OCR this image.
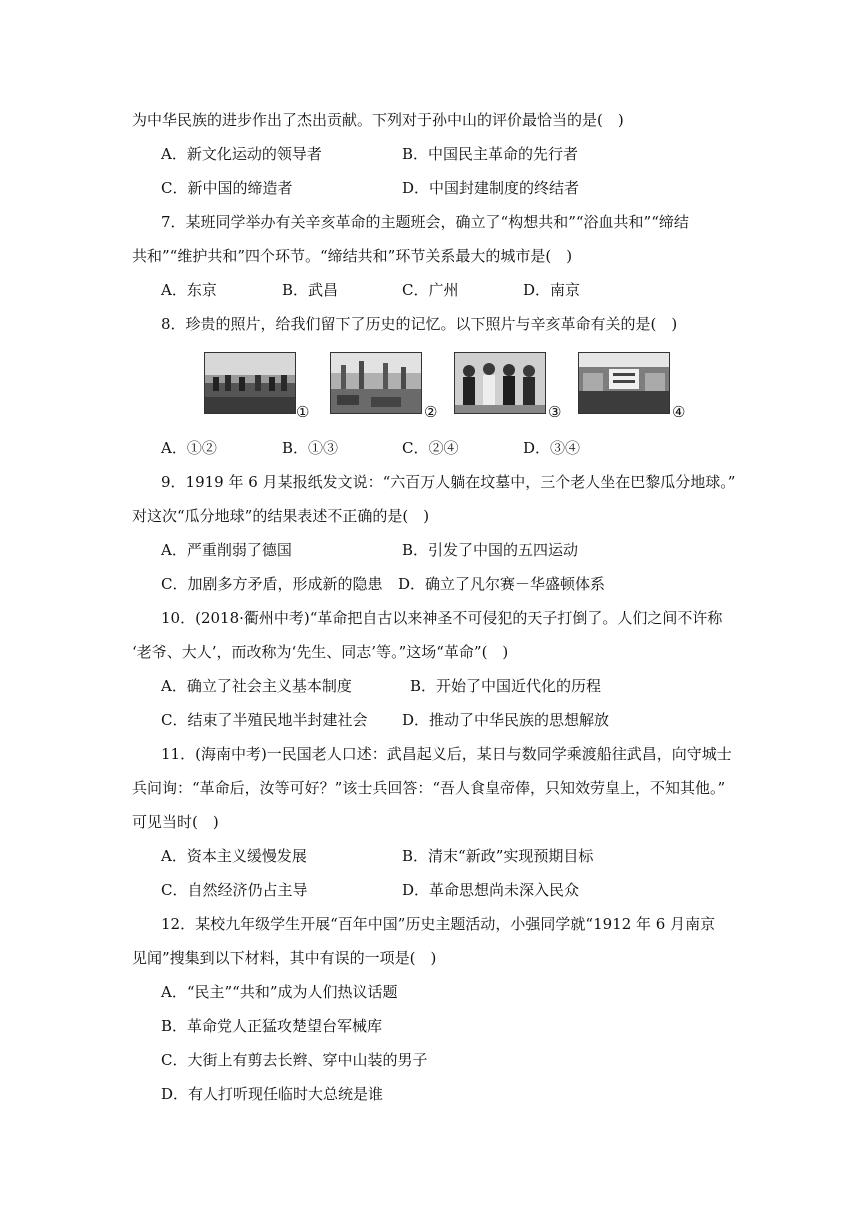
为中华民族的进步作出了杰出贡献。下列对于孙中山的评价最恰当的是(　)
A．新文化运动的领导者	B．中国民主革命的先行者
C．新中国的缔造者	D．中国封建制度的终结者
7．某班同学举办有关辛亥革命的主题班会，确立了“构想共和”“浴血共和”“缔结
共和”“维护共和”四个环节。“缔结共和”环节关系最大的城市是(　)
A．东京	B．武昌	C．广州	D．南京
8．珍贵的照片，给我们留下了历史的记忆。以下照片与辛亥革命有关的是(　)
①	②	③	④
A．①②	B．①③	C．②④	D．③④
9．1919 年 6 月某报纸发文说：“六百万人躺在坟墓中，三个老人坐在巴黎瓜分地球。”
对这次“瓜分地球”的结果表述不正确的是(　)
A．严重削弱了德国	B．引发了中国的五四运动
C．加剧多方矛盾，形成新的隐患 D．确立了凡尔赛－华盛顿体系
10．(2018·衢州中考)“革命把自古以来神圣不可侵犯的天子打倒了。人们之间不许称
‘老爷、大人’，而改称为‘先生、同志’等。”这场“革命”(　)
A．确立了社会主义基本制度	B．开始了中国近代化的历程
C．结束了半殖民地半封建社会 D．推动了中华民族的思想解放
11．(海南中考)一民国老人口述：武昌起义后，某日与数同学乘渡船往武昌，向守城士
兵问询：“革命后，汝等可好？”该士兵回答：“吾人食皇帝俸，只知效劳皇上，不知其他。”
可见当时(　)
A．资本主义缓慢发展	B．清末“新政”实现预期目标
C．自然经济仍占主导	D．革命思想尚未深入民众
12．某校九年级学生开展“百年中国”历史主题活动，小强同学就“1912 年 6 月南京
见闻”搜集到以下材料，其中有误的一项是(　)
A．“民主”“共和”成为人们热议话题
B．革命党人正猛攻楚望台军械库
C．大街上有剪去长辫、穿中山装的男子
D．有人打听现任临时大总统是谁
